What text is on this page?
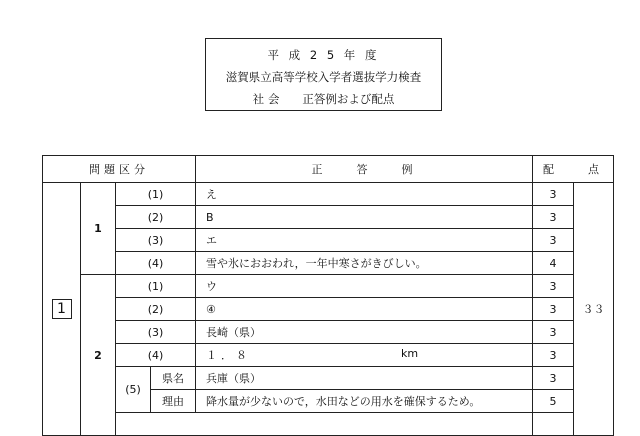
平 成 2 5 年 度
滋賀県立高等学校入学者選抜学力検査
社 会　　正答例および配点
問題区分				正　　答　　例	配　　点		
1	1	(1)		え	3	３３	
		(2)		B	3		
		(3)		エ	3		
		(4)		雪や氷におおわれ，一年中寒さがきびしい。	4		
	2	(1)		ウ	3		
		(2)		④	3		
		(3)		長崎（県）	3		
		(4)		１．８ km	3		
		(5)	県名	兵庫（県）	3		
			理由	降水量が少ないので，水田などの用水を確保するため。	5		
